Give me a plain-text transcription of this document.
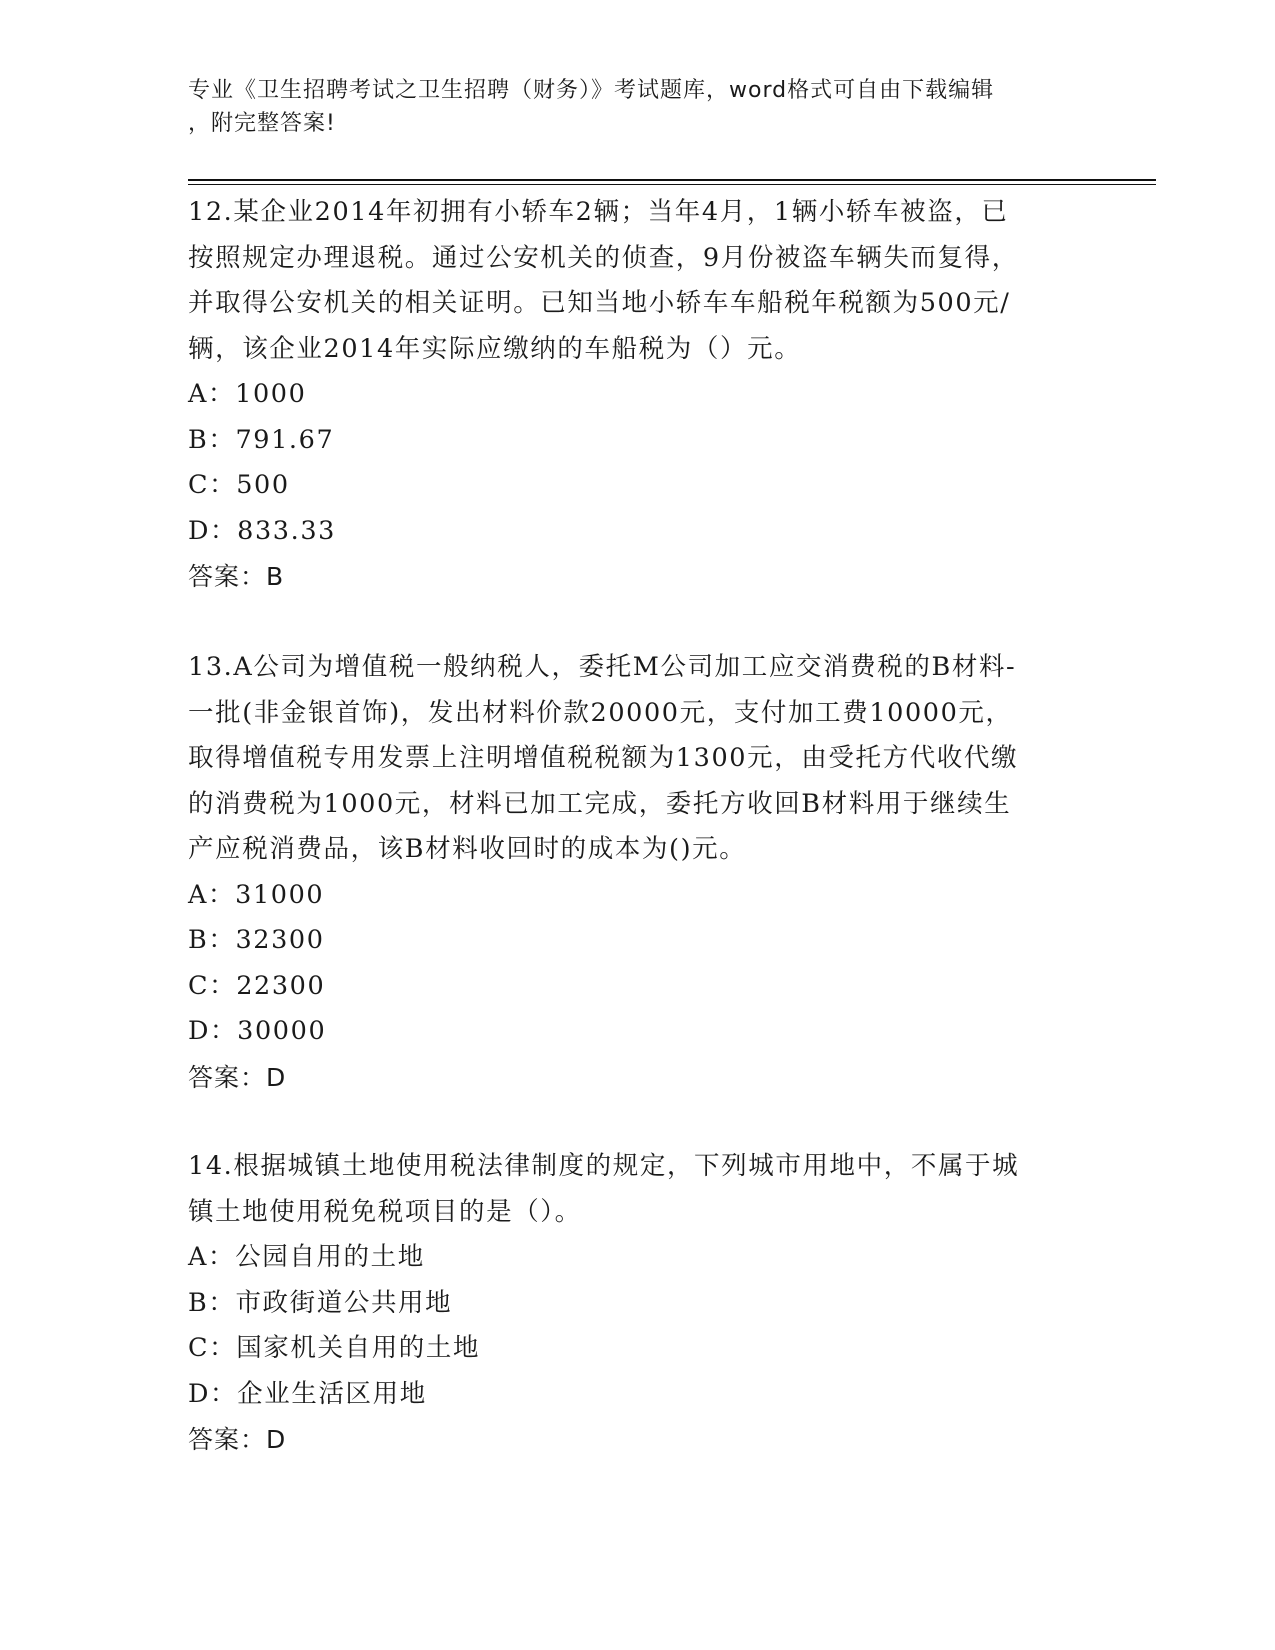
专业《卫生招聘考试之卫生招聘（财务）》考试题库，word格式可自由下载编辑
，附完整答案!
12.某企业2014年初拥有小轿车2辆；当年4月，1辆小轿车被盗，已
按照规定办理退税。通过公安机关的侦查，9月份被盗车辆失而复得，
并取得公安机关的相关证明。已知当地小轿车车船税年税额为500元/
辆，该企业2014年实际应缴纳的车船税为（）元。
A：1000
B：791.67
C：500
D：833.33
答案：B
13.A公司为增值税一般纳税人，委托M公司加工应交消费税的B材料-
一批(非金银首饰)，发出材料价款20000元，支付加工费10000元，
取得增值税专用发票上注明增值税税额为1300元，由受托方代收代缴
的消费税为1000元，材料已加工完成，委托方收回B材料用于继续生
产应税消费品，该B材料收回时的成本为()元。
A：31000
B：32300
C：22300
D：30000
答案：D
14.根据城镇土地使用税法律制度的规定，下列城市用地中，不属于城
镇土地使用税免税项目的是（）。
A：公园自用的土地
B：市政街道公共用地
C：国家机关自用的土地
D：企业生活区用地
答案：D
